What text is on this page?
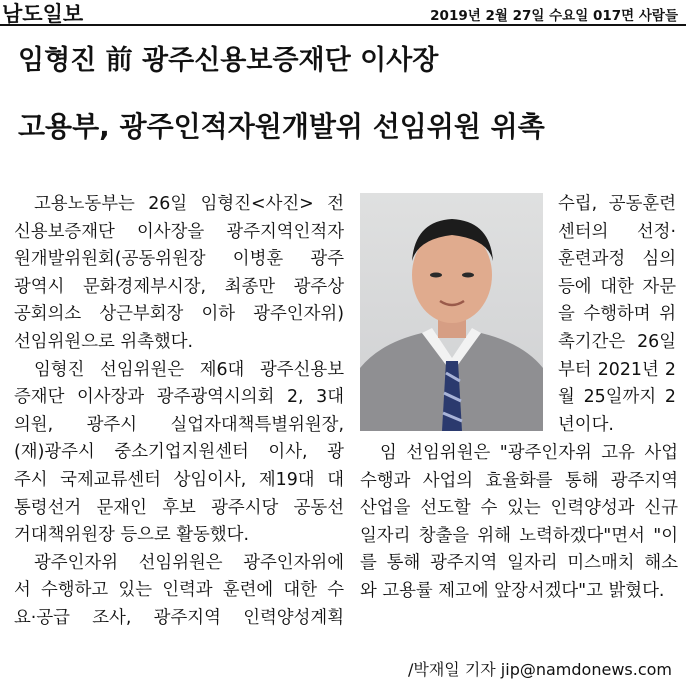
남도일보	2019년 2월 27일 수요일 017면 사람들
임형진 前 광주신용보증재단 이사장
고용부, 광주인적자원개발위 선임위원 위촉
고용노동부는 26일 임형진<사진> 전
신용보증재단 이사장을 광주지역인적자
원개발위원회(공동위원장 이병훈 광주
광역시 문화경제부시장, 최종만 광주상
공회의소 상근부회장 이하 광주인자위)
선임위원으로 위촉했다.
임형진 선임위원은 제6대 광주신용보
증재단 이사장과 광주광역시의회 2, 3대
의원, 광주시 실업자대책특별위원장,
(재)광주시 중소기업지원센터 이사, 광
주시 국제교류센터 상임이사, 제19대 대
통령선거 문재인 후보 광주시당 공동선
거대책위원장 등으로 활동했다.
광주인자위 선임위원은 광주인자위에
서 수행하고 있는 인력과 훈련에 대한 수
요·공급 조사, 광주지역 인력양성계획
수립, 공동훈련
센터의 선정·
훈련과정 심의
등에 대한 자문
을 수행하며 위
촉기간은 26일
부터 2021년 2
월 25일까지 2
년이다.
임 선임위원은 "광주인자위 고유 사업
수행과 사업의 효율화를 통해 광주지역
산업을 선도할 수 있는 인력양성과 신규
일자리 창출을 위해 노력하겠다"면서 "이
를 통해 광주지역 일자리 미스매치 해소
와 고용률 제고에 앞장서겠다"고 밝혔다.
/박재일 기자 jip@namdonews.com
